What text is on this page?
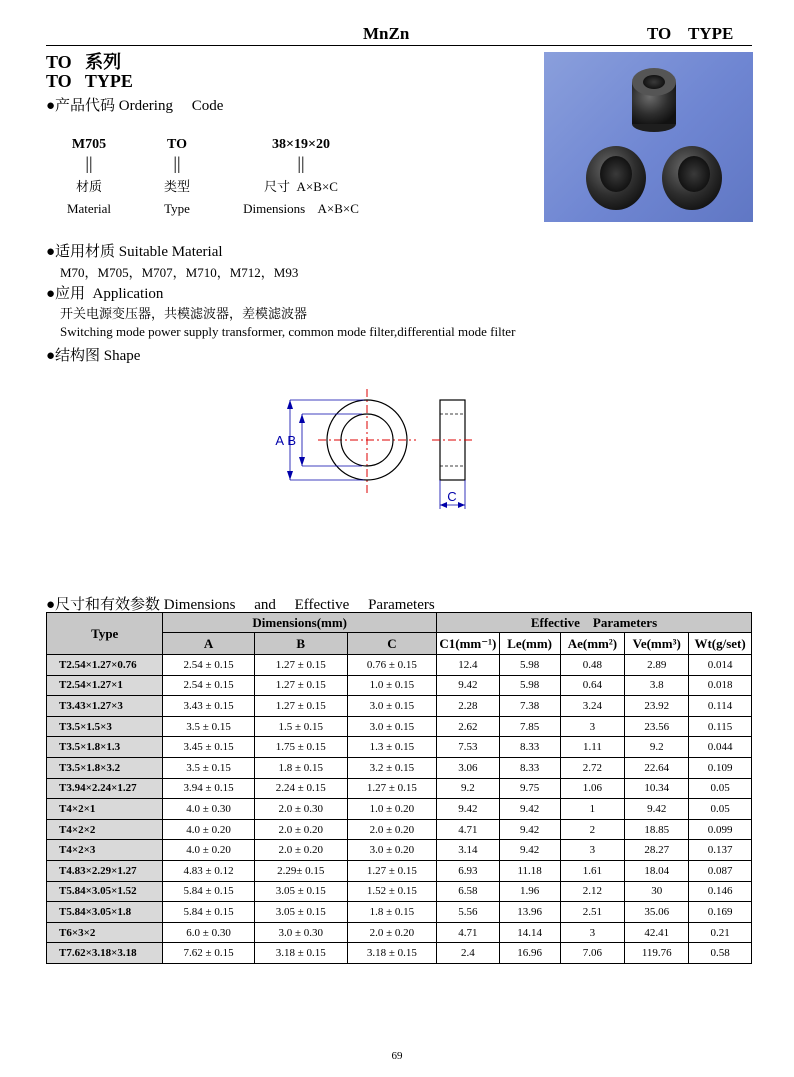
MnZn	TO    TYPE
TO   系列
TO   TYPE
●产品代码 Ordering     Code
M705
||
材质
Material
TO
||
类型
Type
38×19×20
||
尺寸  A×B×C
Dimensions    A×B×C
●适用材质 Suitable Material
M70，M705，M707，M710，M712，M93
●应用  Application
开关电源变压器，共模滤波器，差模滤波器
Switching mode power supply transformer, common mode filter,differential mode filter
●结构图 Shape
A B
C
●尺寸和有效参数 Dimensions     and     Effective     Parameters
Type	Dimensions(mm)			Effective    Parameters				
	A	B	C	C1(mm⁻¹)	Le(mm)	Ae(mm²)	Ve(mm³)	Wt(g/set)
T2.54×1.27×0.76	2.54 ± 0.15	1.27 ± 0.15	0.76 ± 0.15	12.4	5.98	0.48	2.89	0.014
T2.54×1.27×1	2.54 ± 0.15	1.27 ± 0.15	1.0 ± 0.15	9.42	5.98	0.64	3.8	0.018
T3.43×1.27×3	3.43 ± 0.15	1.27 ± 0.15	3.0 ± 0.15	2.28	7.38	3.24	23.92	0.114
T3.5×1.5×3	3.5 ± 0.15	1.5 ± 0.15	3.0 ± 0.15	2.62	7.85	3	23.56	0.115
T3.5×1.8×1.3	3.45 ± 0.15	1.75 ± 0.15	1.3 ± 0.15	7.53	8.33	1.11	9.2	0.044
T3.5×1.8×3.2	3.5 ± 0.15	1.8 ± 0.15	3.2 ± 0.15	3.06	8.33	2.72	22.64	0.109
T3.94×2.24×1.27	3.94 ± 0.15	2.24 ± 0.15	1.27 ± 0.15	9.2	9.75	1.06	10.34	0.05
T4×2×1	4.0 ± 0.30	2.0 ± 0.30	1.0 ± 0.20	9.42	9.42	1	9.42	0.05
T4×2×2	4.0 ± 0.20	2.0 ± 0.20	2.0 ± 0.20	4.71	9.42	2	18.85	0.099
T4×2×3	4.0 ± 0.20	2.0 ± 0.20	3.0 ± 0.20	3.14	9.42	3	28.27	0.137
T4.83×2.29×1.27	4.83 ± 0.12	2.29± 0.15	1.27 ± 0.15	6.93	11.18	1.61	18.04	0.087
T5.84×3.05×1.52	5.84 ± 0.15	3.05 ± 0.15	1.52 ± 0.15	6.58	1.96	2.12	30	0.146
T5.84×3.05×1.8	5.84 ± 0.15	3.05 ± 0.15	1.8 ± 0.15	5.56	13.96	2.51	35.06	0.169
T6×3×2	6.0 ± 0.30	3.0 ± 0.30	2.0 ± 0.20	4.71	14.14	3	42.41	0.21
T7.62×3.18×3.18	7.62 ± 0.15	3.18 ± 0.15	3.18 ± 0.15	2.4	16.96	7.06	119.76	0.58
69
